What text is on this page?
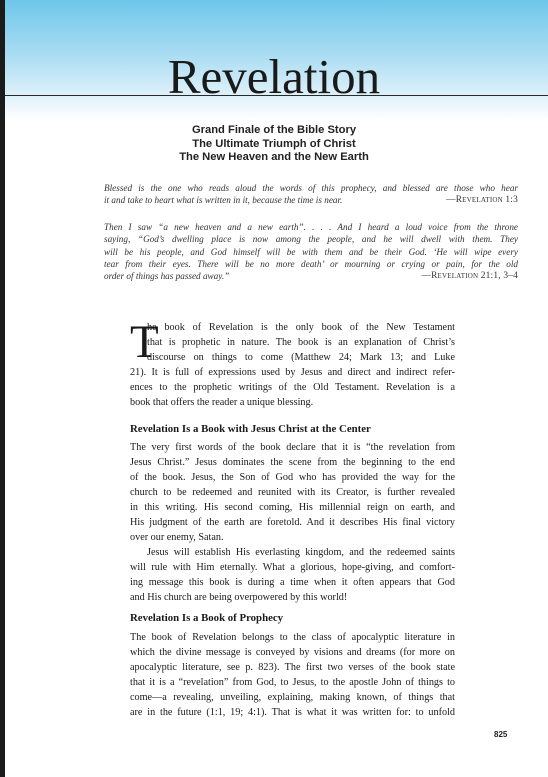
Revelation
Grand Finale of the Bible Story
The Ultimate Triumph of Christ
The New Heaven and the New Earth
Blessed is the one who reads aloud the words of this prophecy, and blessed are those who hear
it and take to heart what is written in it, because the time is near.	—Revelation 1:3
Then I saw “a new heaven and a new earth”. . . . And I heard a loud voice from the throne
saying, “God’s dwelling place is now among the people, and he will dwell with them. They
will be his people, and God himself will be with them and be their God. ‘He will wipe every
tear from their eyes. There will be no more death’ or mourning or crying or pain, for the old
order of things has passed away.”	—Revelation 21:1, 3–4
T
he book of Revelation is the only book of the New Testament
that is prophetic in nature. The book is an explanation of Christ’s
discourse on things to come (Matthew 24; Mark 13; and Luke
21). It is full of expressions used by Jesus and direct and indirect refer-
ences to the prophetic writings of the Old Testament. Revelation is a
book that offers the reader a unique blessing.
Revelation Is a Book with Jesus Christ at the Center
The very first words of the book declare that it is “the revelation from
Jesus Christ.” Jesus dominates the scene from the beginning to the end
of the book. Jesus, the Son of God who has provided the way for the
church to be redeemed and reunited with its Creator, is further revealed
in this writing. His second coming, His millennial reign on earth, and
His judgment of the earth are foretold. And it describes His final victory
over our enemy, Satan.
Jesus will establish His everlasting kingdom, and the redeemed saints
will rule with Him eternally. What a glorious, hope-giving, and comfort-
ing message this book is during a time when it often appears that God
and His church are being overpowered by this world!
Revelation Is a Book of Prophecy
The book of Revelation belongs to the class of apocalyptic literature in
which the divine message is conveyed by visions and dreams (for more on
apocalyptic literature, see p. 823). The first two verses of the book state
that it is a “revelation” from God, to Jesus, to the apostle John of things to
come—a revealing, unveiling, explaining, making known, of things that
are in the future (1:1, 19; 4:1). That is what it was written for: to unfold
825
